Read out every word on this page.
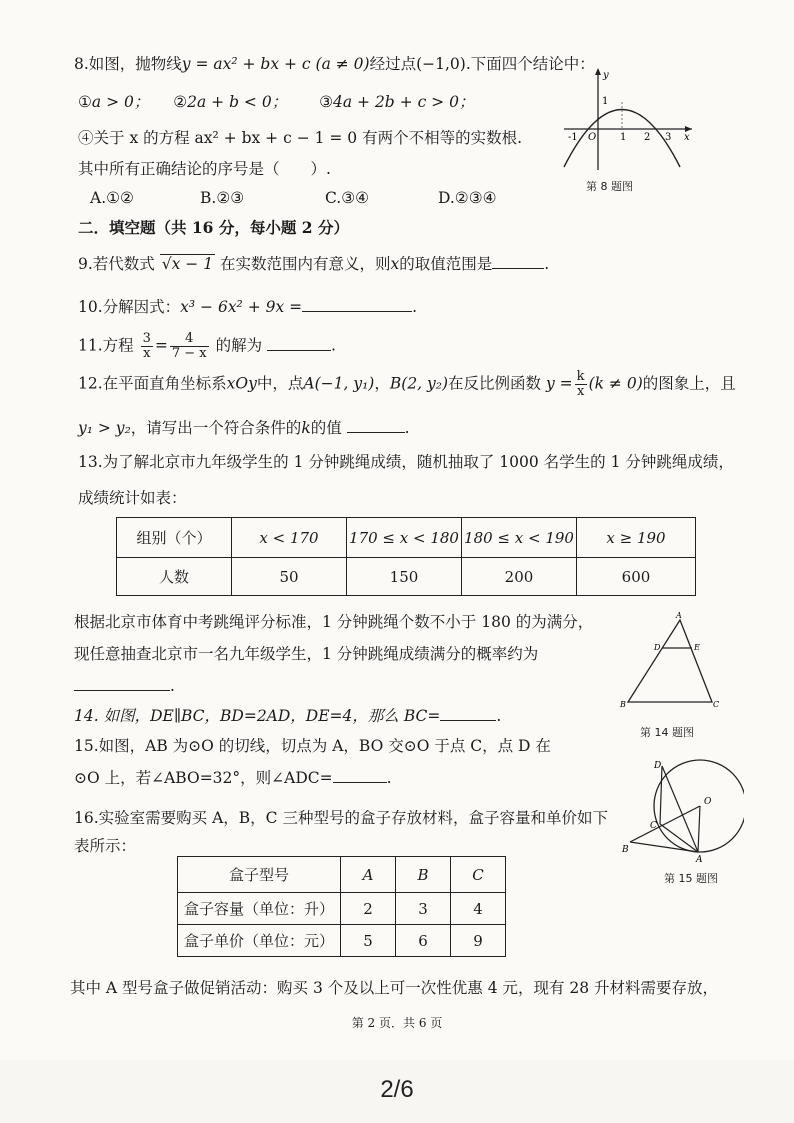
8.如图，抛物线y = ax² + bx + c (a ≠ 0)经过点(−1,0).下面四个结论中：
①a > 0； ②2a + b < 0； ③4a + 2b + c > 0；
④关于 x 的方程 ax² + bx + c − 1 = 0 有两个不相等的实数根.
其中所有正确结论的序号是（　　）.
A.①②	B.②③	C.③④	D.②③④
1
-1 O 1 2 3 x
y
第 8 题图
二．填空题（共 16 分，每小题 2 分）
9.若代数式 √x − 1 在实数范围内有意义，则x的取值范围是	.
10.分解因式：x³ − 6x² + 9x =	.
11.方程 $\frac{3}{x} = \frac{4}{7 - x}$ 的解为	.
12.在平面直角坐标系xOy中，点A(−1, y₁)，B(2, y₂)在反比例函数 $y = \frac{k}{x} (k \ne 0)$的图象上，且
y₁ > y₂，请写出一个符合条件的k的值	.
13.为了解北京市九年级学生的 1 分钟跳绳成绩，随机抽取了 1000 名学生的 1 分钟跳绳成绩，
成绩统计如表：
组别（个）	x < 170	170 ≤ x < 180	180 ≤ x < 190	x ≥ 190
人数	50	150	200	600
根据北京市体育中考跳绳评分标准，1 分钟跳绳个数不小于 180 的为满分，
现任意抽查北京市一名九年级学生，1 分钟跳绳成绩满分的概率约为
.
A
D	E
B	C
第 14 题图
14. 如图，DE∥BC，BD=2AD，DE=4，那么 BC=	.
15.如图，AB 为⊙O 的切线，切点为 A，BO 交⊙O 于点 C，点 D 在
⊙O 上，若∠ABO=32°，则∠ADC=	.
D
O
C
B
A
第 15 题图
16.实验室需要购买 A，B，C 三种型号的盒子存放材料，盒子容量和单价如下
表所示：
盒子型号	A	B	C
盒子容量（单位：升）	2	3	4
盒子单价（单位：元）	5	6	9
其中 A 型号盒子做促销活动：购买 3 个及以上可一次性优惠 4 元，现有 28 升材料需要存放，
第 2 页．共 6 页
2/6
